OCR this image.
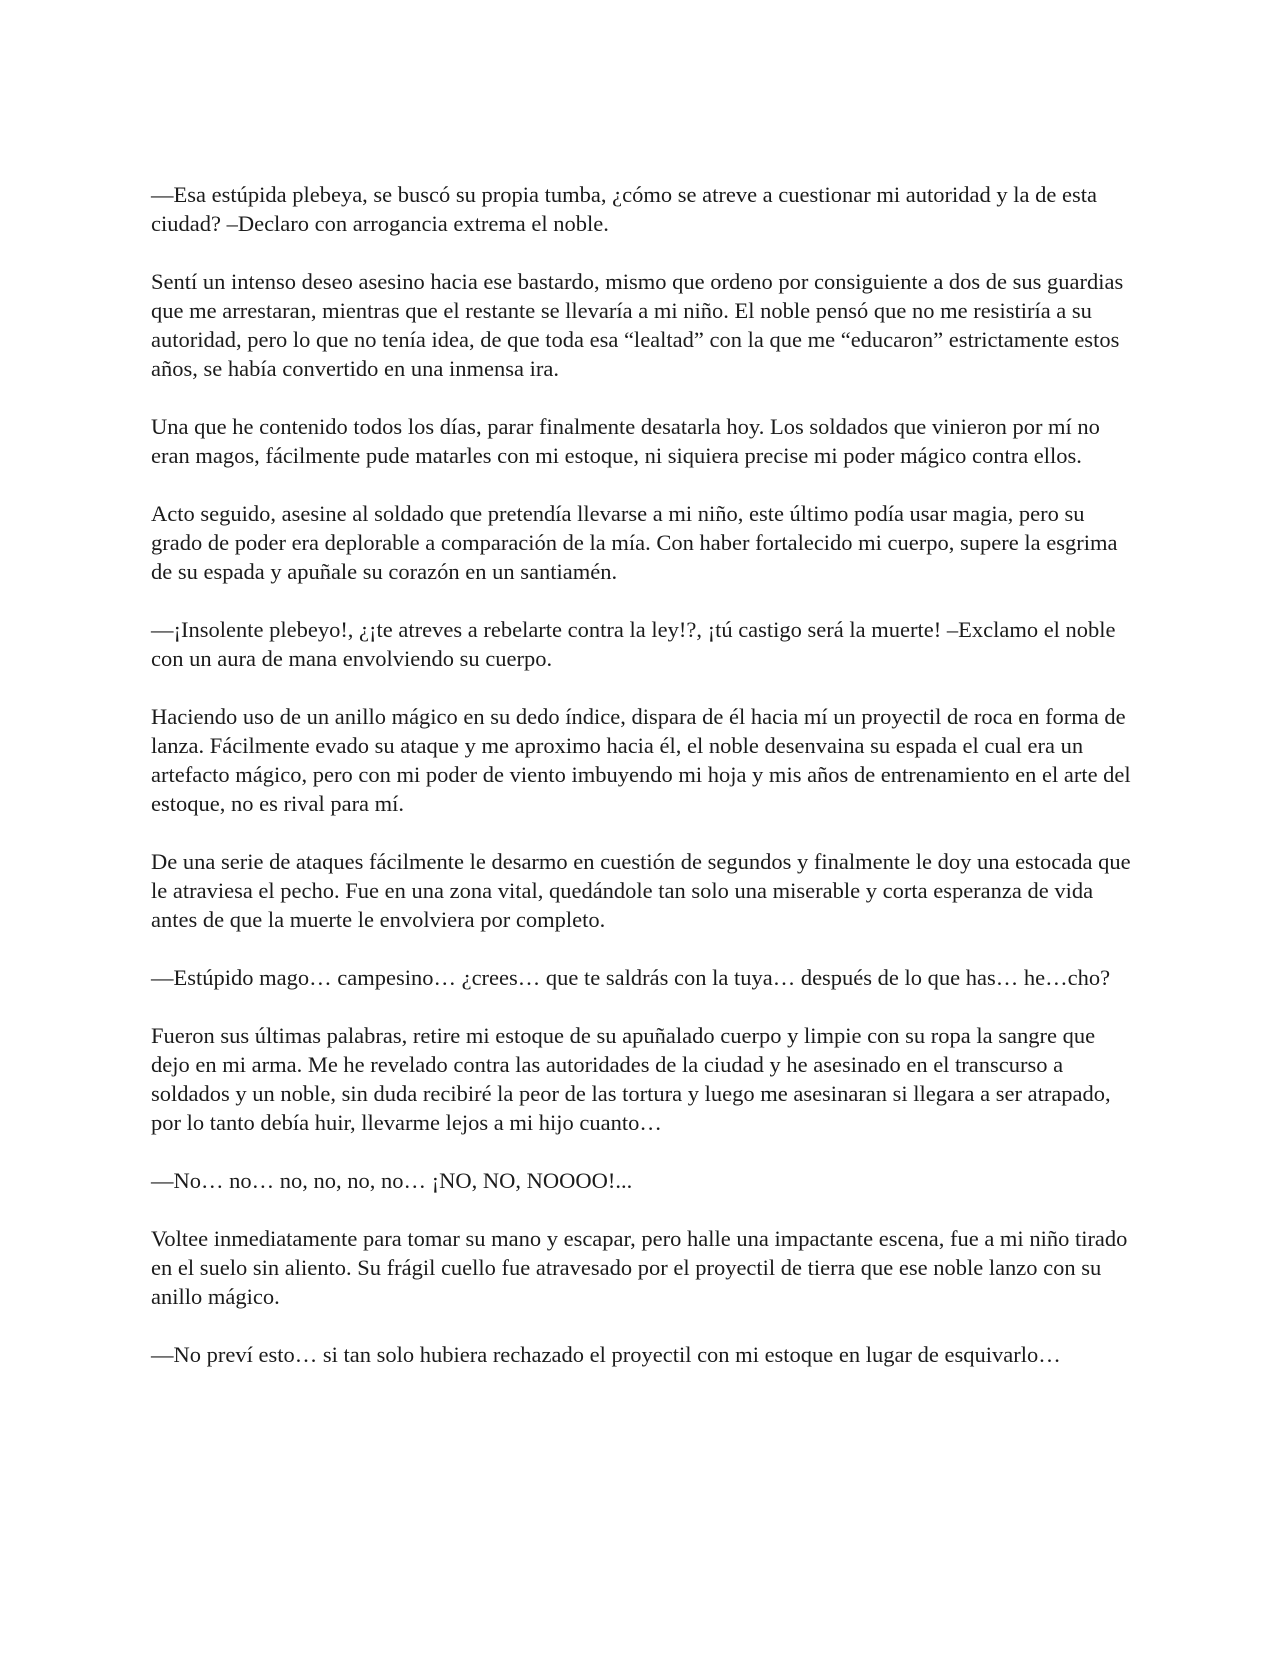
—Esa estúpida plebeya, se buscó su propia tumba, ¿cómo se atreve a cuestionar mi autoridad y la de esta ciudad? –Declaro con arrogancia extrema el noble.

Sentí un intenso deseo asesino hacia ese bastardo, mismo que ordeno por consiguiente a dos de sus guardias que me arrestaran, mientras que el restante se llevaría a mi niño. El noble pensó que no me resistiría a su autoridad, pero lo que no tenía idea, de que toda esa “lealtad” con la que me “educaron” estrictamente estos años, se había convertido en una inmensa ira.

Una que he contenido todos los días, parar finalmente desatarla hoy. Los soldados que vinieron por mí no eran magos, fácilmente pude matarles con mi estoque, ni siquiera precise mi poder mágico contra ellos.

Acto seguido, asesine al soldado que pretendía llevarse a mi niño, este último podía usar magia, pero su grado de poder era deplorable a comparación de la mía. Con haber fortalecido mi cuerpo, supere la esgrima de su espada y apuñale su corazón en un santiamén.

—¡Insolente plebeyo!, ¿¡te atreves a rebelarte contra la ley!?, ¡tú castigo será la muerte! –Exclamo el noble con un aura de mana envolviendo su cuerpo.

Haciendo uso de un anillo mágico en su dedo índice, dispara de él hacia mí un proyectil de roca en forma de lanza. Fácilmente evado su ataque y me aproximo hacia él, el noble desenvaina su espada el cual era un artefacto mágico, pero con mi poder de viento imbuyendo mi hoja y mis años de entrenamiento en el arte del estoque, no es rival para mí.

De una serie de ataques fácilmente le desarmo en cuestión de segundos y finalmente le doy una estocada que le atraviesa el pecho. Fue en una zona vital, quedándole tan solo una miserable y corta esperanza de vida antes de que la muerte le envolviera por completo.

—Estúpido mago… campesino… ¿crees… que te saldrás con la tuya… después de lo que has… he…cho?

Fueron sus últimas palabras, retire mi estoque de su apuñalado cuerpo y limpie con su ropa la sangre que dejo en mi arma. Me he revelado contra las autoridades de la ciudad y he asesinado en el transcurso a soldados y un noble, sin duda recibiré la peor de las tortura y luego me asesinaran si llegara a ser atrapado, por lo tanto debía huir, llevarme lejos a mi hijo cuanto…

—No… no… no, no, no, no… ¡NO, NO, NOOOO!...

Voltee inmediatamente para tomar su mano y escapar, pero halle una impactante escena, fue a mi niño tirado en el suelo sin aliento. Su frágil cuello fue atravesado por el proyectil de tierra que ese noble lanzo con su anillo mágico.

—No preví esto… si tan solo hubiera rechazado el proyectil con mi estoque en lugar de esquivarlo…
